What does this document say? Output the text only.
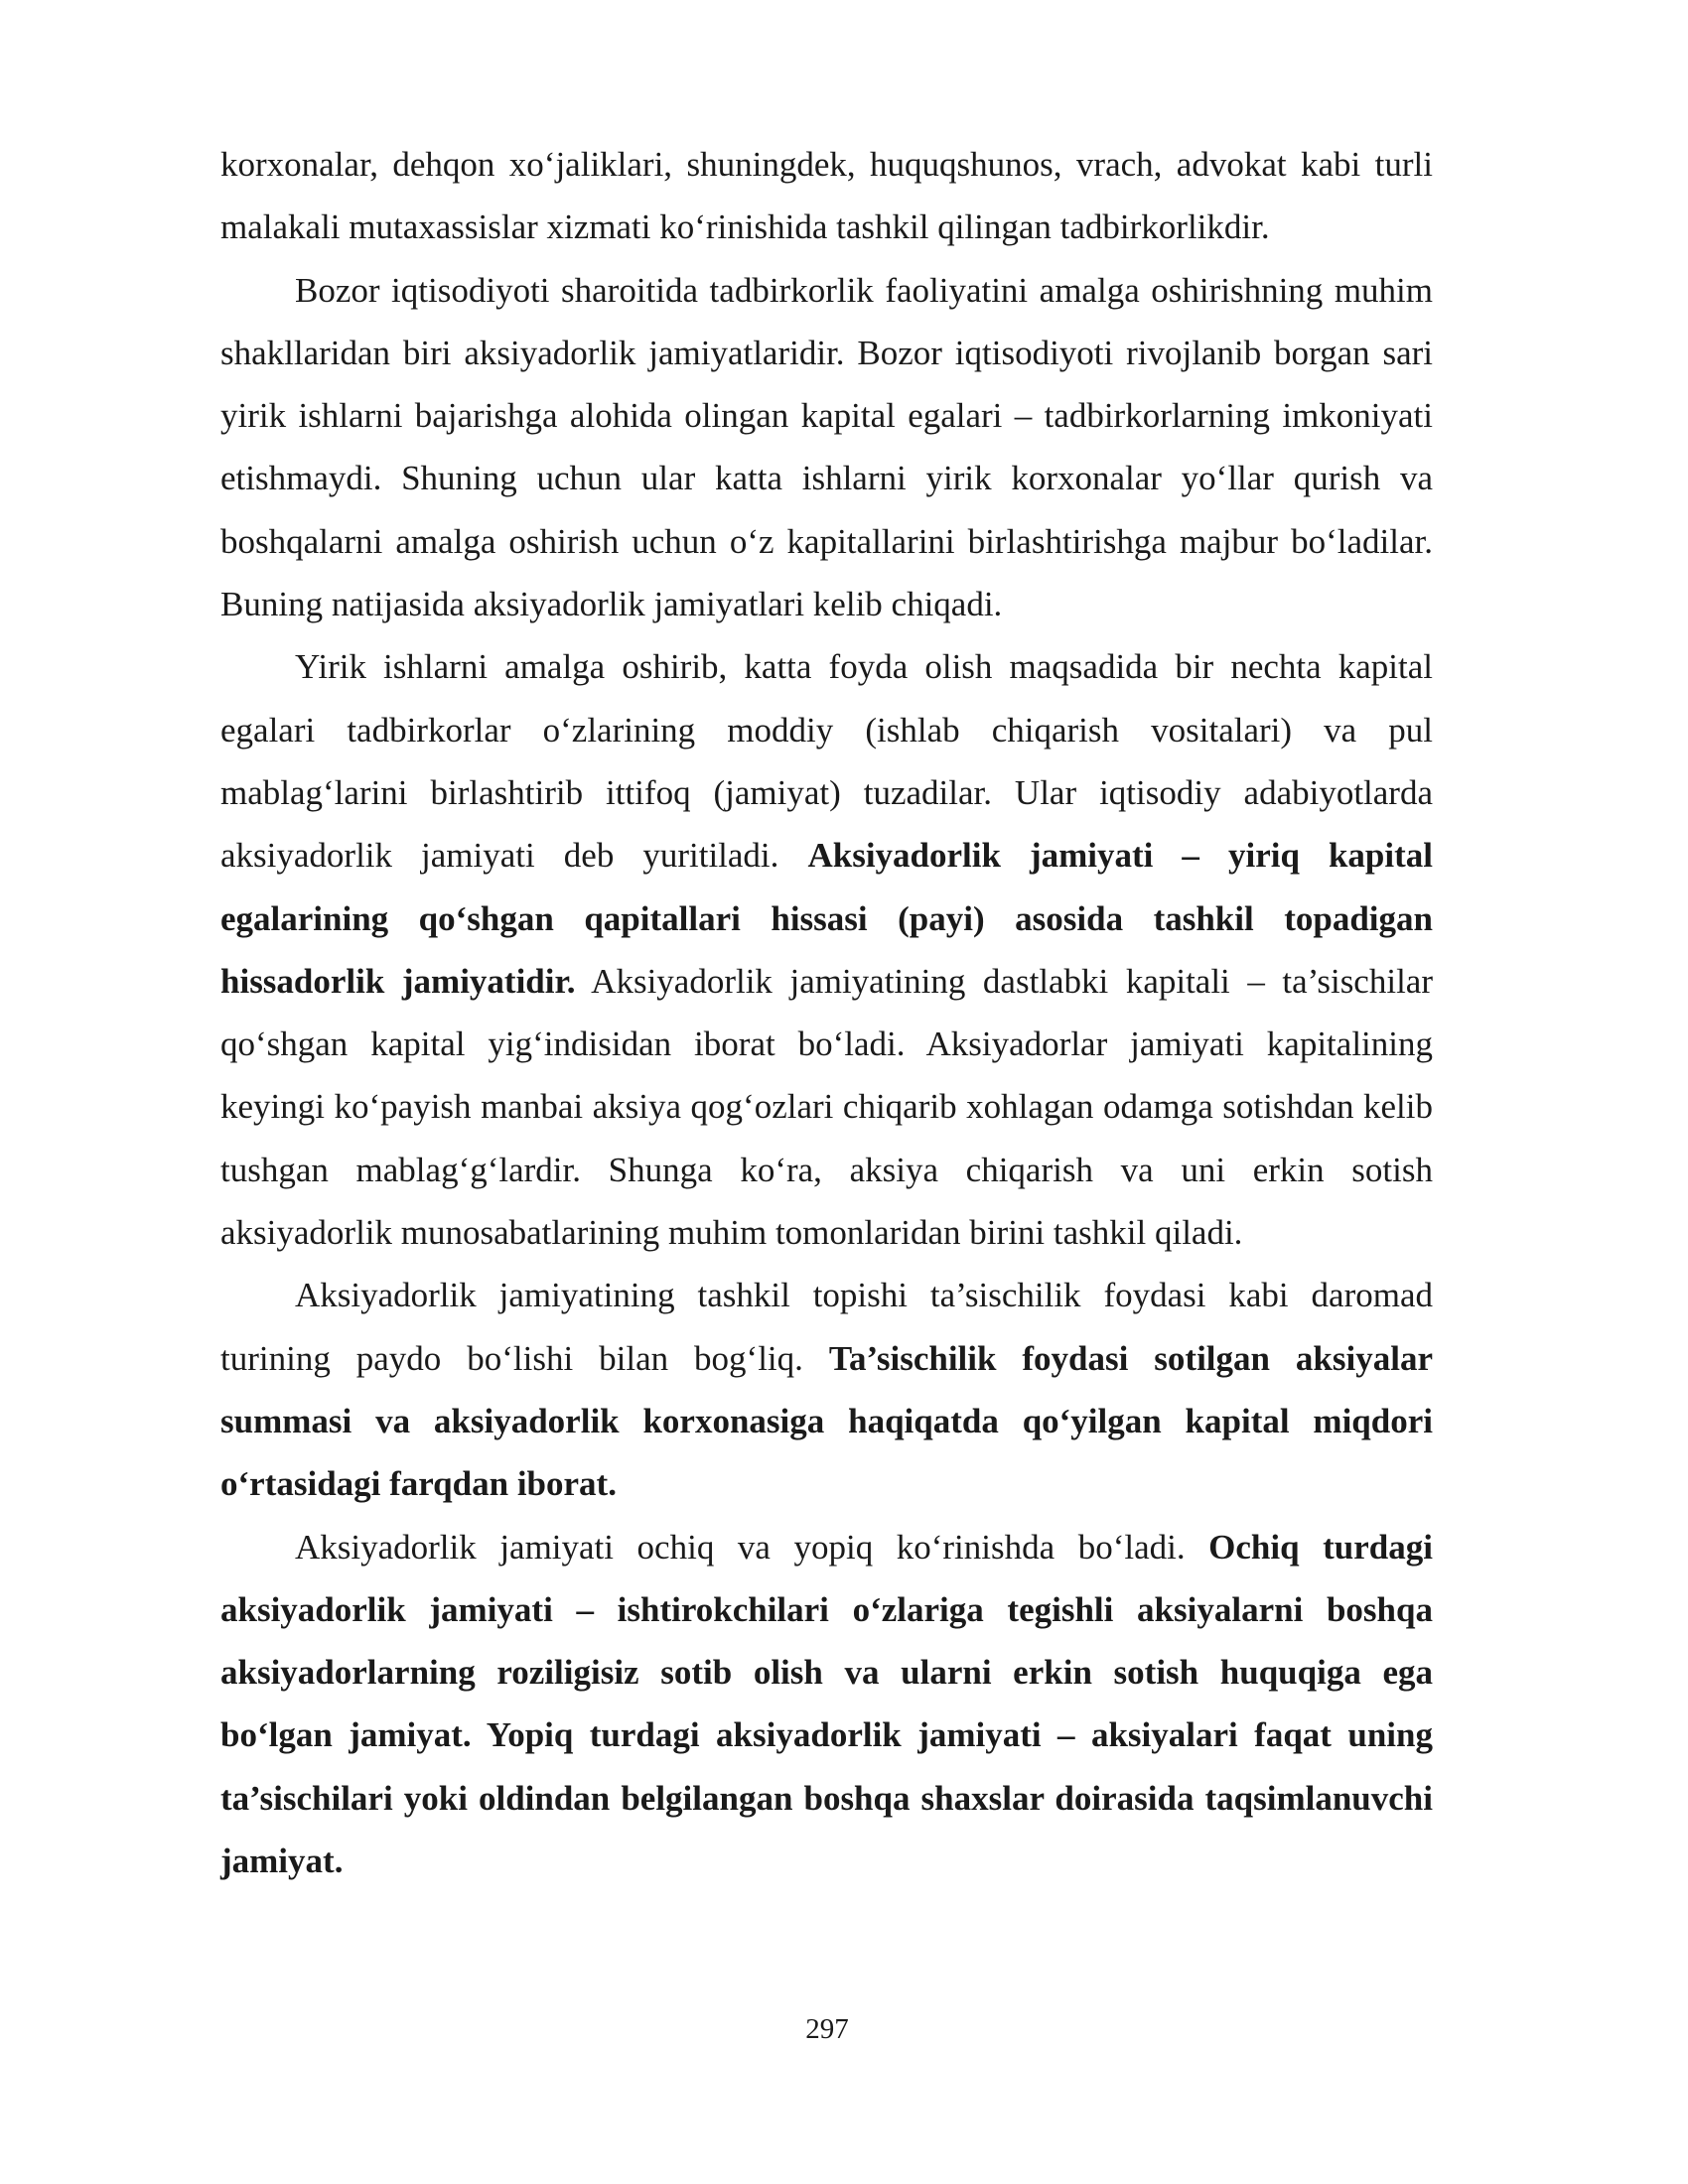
korxonalar, dehqon xo‘jaliklari, shuningdek, huquqshunos, vrach, advokat kabi turli malakali mutaxassislar xizmati ko‘rinishida tashkil qilingan tadbirkorlikdir.

Bozor iqtisodiyoti sharoitida tadbirkorlik faoliyatini amalga oshirishning muhim shakllaridan biri aksiyadorlik jamiyatlaridir. Bozor iqtisodiyoti rivojlanib borgan sari yirik ishlarni bajarishga alohida olingan kapital egalari – tadbirkorlarning imkoniyati etishmaydi. Shuning uchun ular katta ishlarni yirik korxonalar yo‘llar qurish va boshqalarni amalga oshirish uchun o‘z kapitallarini birlashtirishga majbur bo‘ladilar. Buning natijasida aksiyadorlik jamiyatlari kelib chiqadi.

Yirik ishlarni amalga oshirib, katta foyda olish maqsadida bir nechta kapital egalari tadbirkorlar o‘zlarining moddiy (ishlab chiqarish vositalari) va pul mablag‘larini birlashtirib ittifoq (jamiyat) tuzadilar. Ular iqtisodiy adabiyotlarda aksiyadorlik jamiyati deb yuritiladi. Aksiyadorlik jamiyati – yiriq kapital egalarining qo‘shgan qapitallari hissasi (payi) asosida tashkil topadigan hissadorlik jamiyatidir. Aksiyadorlik jamiyatining dastlabki kapitali – ta’sischilar qo‘shgan kapital yig‘indisidan iborat bo‘ladi. Aksiyadorlar jamiyati kapitalining keyingi ko‘payish manbai aksiya qog‘ozlari chiqarib xohlagan odamga sotishdan kelib tushgan mablag‘g‘lardir. Shunga ko‘ra, aksiya chiqarish va uni erkin sotish aksiyadorlik munosabatlarining muhim tomonlaridan birini tashkil qiladi.

Aksiyadorlik jamiyatining tashkil topishi ta’sischilik foydasi kabi daromad turining paydo bo‘lishi bilan bog‘liq. Ta’sischilik foydasi sotilgan aksiyalar summasi va aksiyadorlik korxonasiga haqiqatda qo‘yilgan kapital miqdori o‘rtasidagi farqdan iborat.

Aksiyadorlik jamiyati ochiq va yopiq ko‘rinishda bo‘ladi. Ochiq turdagi aksiyadorlik jamiyati – ishtirokchilari o‘zlariga tegishli aksiyalarni boshqa aksiyadorlarning roziligisiz sotib olish va ularni erkin sotish huquqiga ega bo‘lgan jamiyat. Yopiq turdagi aksiyadorlik jamiyati – aksiyalari faqat uning ta’sischilari yoki oldindan belgilangan boshqa shaxslar doirasida taqsimlanuvchi jamiyat.

297
